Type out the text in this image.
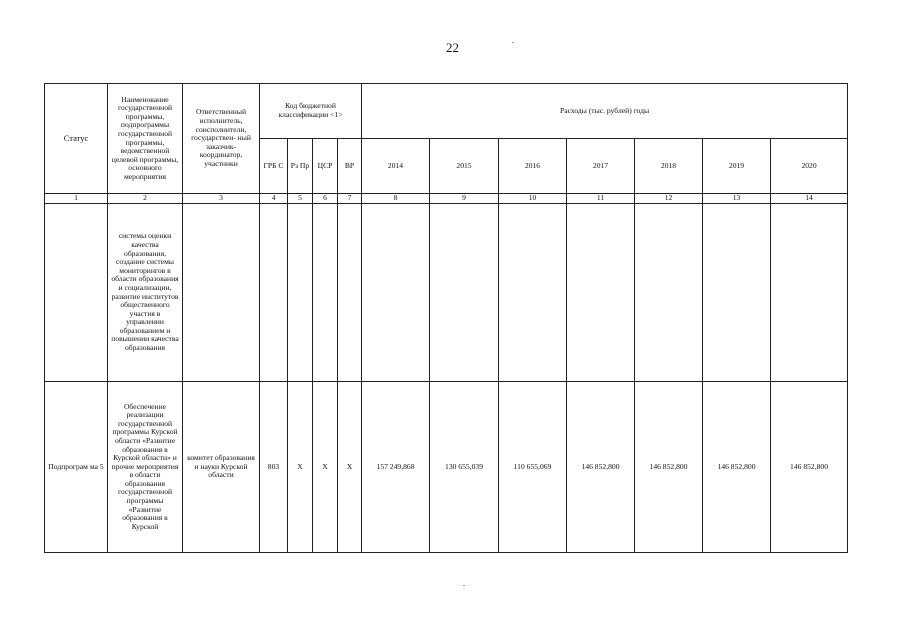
22
Статус	Наименование государственной программы, подпрограммы государственной программы, ведомственной целевой программы, основного мероприятия	Ответственный исполнитель, соисполнители, государствен- ный заказчик- координатор, участники	Код бюджетной классификации <1>				Расходы (тыс. рублей) годы						
			ГРБ С	Рз Пр	ЦСР	ВР	2014	2015	2016	2017	2018	2019	2020
1	2	3	4	5	6	7	8	9	10	11	12	13	14
	системы оценки качества образования, создание системы мониторингов в области образования и социализации, развитие институтов общественного участия в управлении образованием и повышении качества образования												
Подпрограм ма 5	Обеспечение реализации государственной программы Курской области «Развитие образования в Курской области» и прочие мероприятия в области образования государственной программы «Развитие образования в Курской	комитет образования и науки Курской области	803	Х	Х	Х	157 249,868	130 655,039	110 655,069	146 852,800	146 852,800	146 852,800	146 852,800
